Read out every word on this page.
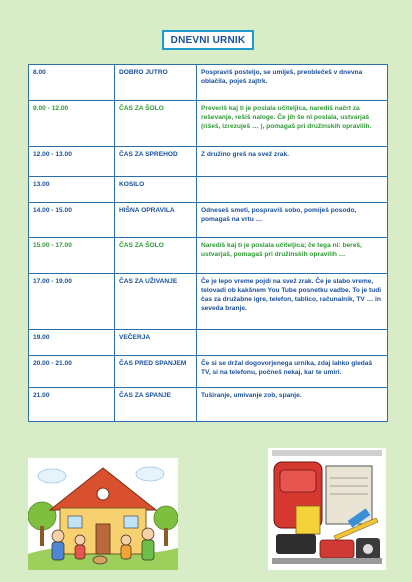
DNEVNI URNIK
8.00	DOBRO JUTRO	Pospraviš posteljo, se umiješ, preoblečeš v dnevna oblačila, poješ zajtrk.
9.00 - 12.00	ČAS ZA ŠOLO	Preveriš kaj ti je poslala učiteljica, narediš načrt za reševanje, rešiš naloge. Če jih še ni poslala, ustvarjaš (rišeš, izrezuješ … ), pomagaš pri družinskih opravilih.
12.00 - 13.00	ČAS ZA SPREHOD	Z družino greš na svež zrak.
13.00	KOSILO	
14.00 - 15.00	HIŠNA OPRAVILA	Odneseš smeti, pospraviš sobo, pomiješ posodo, pomagaš na vrtu …
15.00 - 17.00	ČAS ZA ŠOLO	Narediš kaj ti je poslala učiteljica; če tega ni: bereš, ustvarjaš, pomagaš pri družinskih opravilih …
17.00 - 19.00	ČAS ZA UŽIVANJE	Če je lepo vreme pojdi na svež zrak. Če je slabo vreme, telovadi ob kakšnem You Tube posnetku vadbe. To je tudi čas za družabne igre, telefon, tablico, računalnik, TV … in seveda branje.
19.00	VEČERJA	
20.00 - 21.00	ČAS PRED SPANJEM	Če si se držal dogovorjenega urnika, zdaj lahko gledaš TV, si na telefonu, počneš nekaj, kar te umiri.
21.00	ČAS ZA SPANJE	Tuširanje, umivanje zob, spanje.
